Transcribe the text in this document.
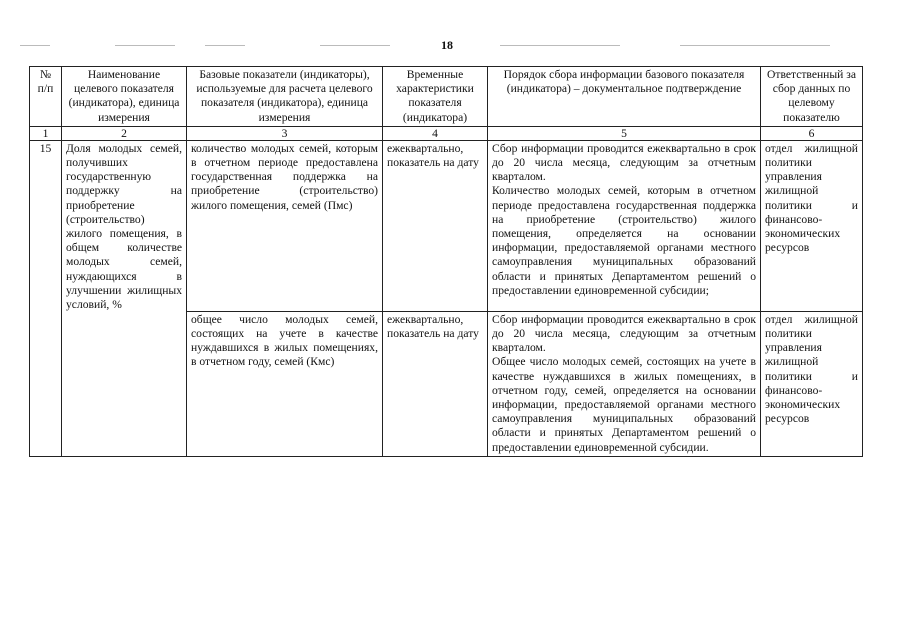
18
№ п/п	Наименование целевого показателя (индикатора), единица измерения	Базовые показатели (индикаторы), используемые для расчета целевого показателя (индикатора), единица измерения	Временные характеристики показателя (индикатора)	Порядок сбора информации базового показателя (индикатора) – документальное подтверждение	Ответственный за сбор данных по целевому показателю
1	2	3	4	5	6
15	Доля молодых семей, получивших государственную поддержку на приобретение (строительство) жилого помещения, в общем количестве молодых семей, нуждающихся в улучшении жилищных условий, %	количество молодых семей, которым в отчетном периоде предоставлена государственная поддержка на приобретение (строительство) жилого помещения, семей (Пмс)	ежеквартально, показатель на дату	Сбор информации проводится ежеквартально в срок до 20 числа месяца, следующим за отчетным кварталом.
Количество молодых семей, которым в отчетном периоде предоставлена государственная поддержка на приобретение (строительство) жилого помещения, определяется на основании информации, предоставляемой органами местного самоуправления муниципальных образований области и принятых Департаментом решений о предоставлении единовременной субсидии;	отдел жилищной политики управления жилищной политики и финансово-экономических ресурсов
		общее число молодых семей, состоящих на учете в качестве нуждавшихся в жилых помещениях, в отчетном году, семей (Кмс)	ежеквартально, показатель на дату	Сбор информации проводится ежеквартально в срок до 20 числа месяца, следующим за отчетным кварталом.
Общее число молодых семей, состоящих на учете в качестве нуждавшихся в жилых помещениях, в отчетном году, семей, определяется на основании информации, предоставляемой органами местного самоуправления муниципальных образований области и принятых Департаментом решений о предоставлении единовременной субсидии.	отдел жилищной политики управления жилищной политики и финансово-экономических ресурсов
